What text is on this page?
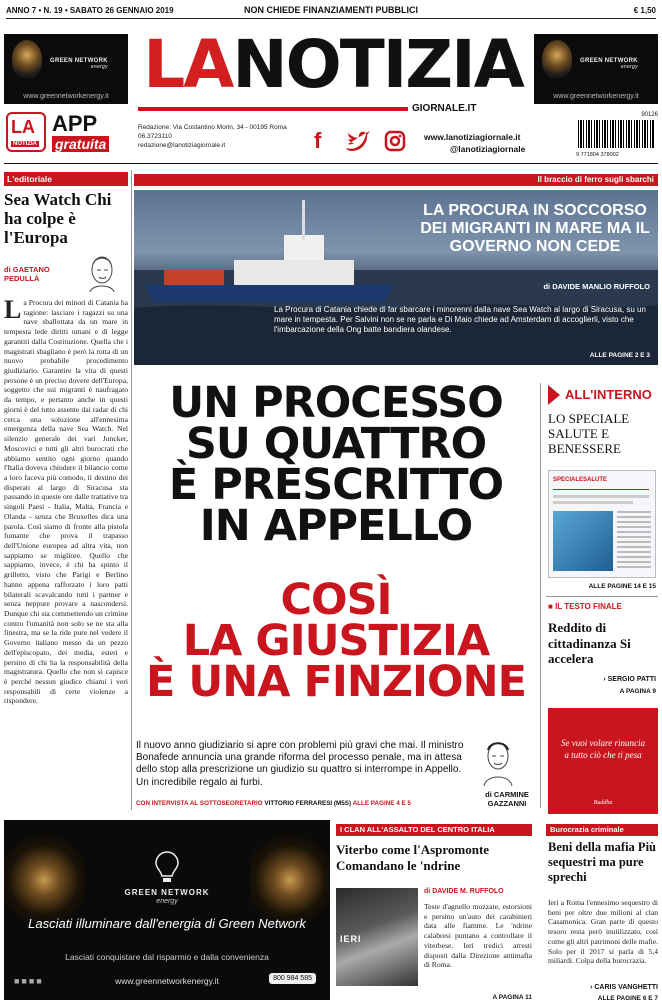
ANNO 7 • N. 19 • SABATO 26 GENNAIO 2019	NON CHIEDE FINANZIAMENTI PUBBLICI	€ 1,50
GREEN NETWORK
energy
www.greennetworkenergy.it
GREEN NETWORK
energy
www.greennetworkenergy.it
LANOTIZIA
GIORNALE.IT
LA
NOTIZIA
APP
gratuita
Redazione: Via Costantino Morin, 34 - 00195 Roma
06.3723110
redazione@lanotiziagiornale.it	f	www.lanotiziagiornale.it
@lanotiziagiornale
90126
9 771804 378002
L'editoriale
Sea Watch Chi ha colpe è l'Europa
di GAETANO PEDULLÀ
La Procura dei minori di Catania ha ragione: lasciare i ragazzi su una nave sballottata da un mare in tempesta lede diritti umani e di legge garantiti dalla Costituzione. Quella che i magistrati sbagliano è però la rotta di un nuovo probabile procedimento giudiziario. Garantire la vita di questi persone è un preciso dovere dell'Europa, soggetto che sui migranti è naufragato da tempo, e pertanto anche in questi giorni è del tutto assente dai radar di chi cerca una soluzione all'ennesima emergenza della nave Sea Watch. Nel silenzio generale dei vari Juncker, Moscovici e tutti gli altri burocrati che abbiamo sentito ogni giorno quando l'Italia doveva chiudere il bilancio come a loro faceva più comodo, il destino dei disperati al largo di Siracusa sta passando in queste ore dalle trattative tra singoli Paesi - Italia, Malta, Francia e Olanda - senza che Bruxelles dica una parola. Così siamo di fronte alla pistola fumante che prova il trapasso dell'Unione europea ad altra vita, non sappiamo se migliore. Quello che sappiamo, invece, è chi ha spinto il grilletto, visto che Parigi e Berlino hanno appena rafforzato i loro patti bilaterali scavalcando tutti i partner e senza neppure provare a nascondersi. Dunque chi sta commettendo un crimine contro l'umanità non solo se ne sta alla finestra, ma se la ride pure nel vedere il Governo italiano messo da un pezzo dell'episcopato, dei media, esteri e persino di chi ha la responsabilità della magistratura. Quello che non si capisce è perché nessun giudice chiami i veri responsabili di certe violenze a rispondere.
Il braccio di ferro sugli sbarchi
LA PROCURA IN SOCCORSO DEI MIGRANTI IN MARE MA IL GOVERNO NON CEDE
di DAVIDE MANLIO RUFFOLO
La Procura di Catania chiede di far sbarcare i minorenni dalla nave Sea Watch al largo di Siracusa, su un mare in tempesta. Per Salvini non se ne parla e Di Maio chiede ad Amsterdam di accoglierli, visto che l'imbarcazione della Ong batte bandiera olandese.
ALLE PAGINE 2 E 3
UN PROCESSO
SU QUATTRO
È PRESCRITTO
IN APPELLO
COSÌ
LA GIUSTIZIA
È UNA FINZIONE
Il nuovo anno giudiziario si apre con problemi più gravi che mai. Il ministro Bonafede annuncia una grande riforma del processo penale, ma in attesa dello stop alla prescrizione un giudizio su quattro si interrompe in Appello. Un incredibile regalo ai furbi.
di CARMINE GAZZANNI
CON INTERVISTA AL SOTTOSEGRETARIO VITTORIO FERRARESI (M5S) ALLE PAGINE 4 E 5
ALL'INTERNO
LO SPECIALE SALUTE E BENESSERE
SPECIALESALUTE
ALLE PAGINE 14 E 15
■ IL TESTO FINALE
Reddito di cittadinanza Si accelera
› SERGIO PATTI
A PAGINA 9
Se vuoi volare rinuncia a tutto ciò che ti pesa
Buddha
GREEN NETWORK
energy
Lasciati illuminare dall'energia di Green Network
Lasciati conquistare dal risparmio e dalla convenienza
■■■■	www.greennetworkenergy.it	800 984 585
I CLAN ALL'ASSALTO DEL CENTRO ITALIA
Viterbo come l'Aspromonte Comandano le 'ndrine
IERI
di DAVIDE M. RUFFOLO
Teste d'agnello mozzate, estorsioni e persino un'auto dei carabinieri data alle fiamme. Le 'ndrine calabresi puntano a controllare il viterbese. Ieri tredici arresti disposti dalla Direzione antimafia di Roma.
A PAGINA 11
Burocrazia criminale
Beni della mafia Più sequestri ma pure sprechi
Ieri a Roma l'ennesimo sequestro di beni per oltre due milioni al clan Casamonica. Gran parte di questo tesoro resta però inutilizzato, così come gli altri patrimoni delle mafie. Solo per il 2017 si parla di 5,4 miliardi. Colpa della burocrazia.
› CARIS VANGHETTI
ALLE PAGINE 6 E 7
